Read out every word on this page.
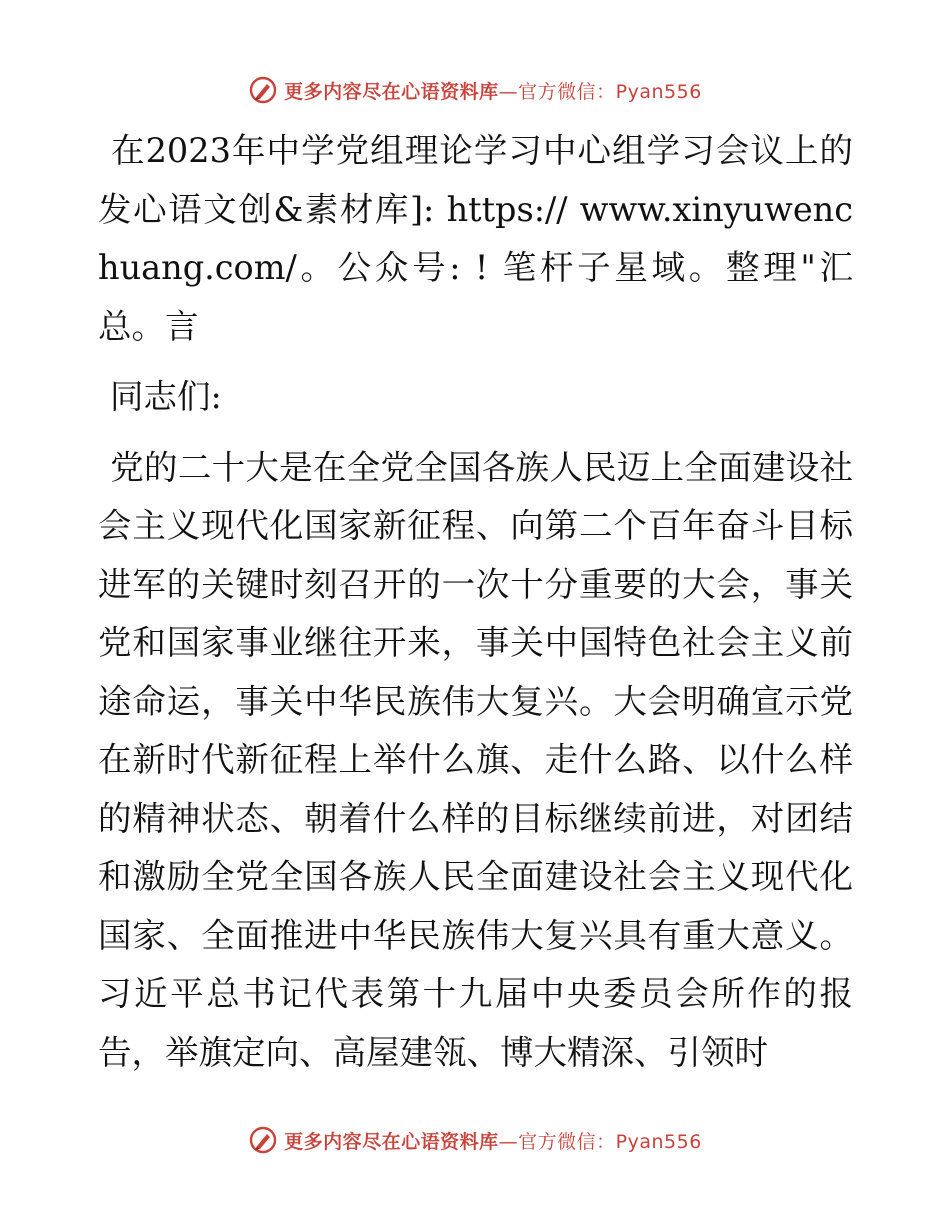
更多内容尽在心语资料库—官方微信：Pyan556

在2023年中学党组理论学习中心组学习会议上的发心语文创&素材库]: https:// www.xinyuwenchuang.com/。公众号: ! 笔杆子星域。整理"汇总。言

同志们:

党的二十大是在全党全国各族人民迈上全面建设社会主义现代化国家新征程、向第二个百年奋斗目标进军的关键时刻召开的一次十分重要的大会，事关党和国家事业继往开来，事关中国特色社会主义前途命运，事关中华民族伟大复兴。大会明确宣示党在新时代新征程上举什么旗、走什么路、以什么样的精神状态、朝着什么样的目标继续前进，对团结和激励全党全国各族人民全面建设社会主义现代化国家、全面推进中华民族伟大复兴具有重大意义。习近平总书记代表第十九届中央委员会所作的报告，举旗定向、高屋建瓴、博大精深、引领时

更多内容尽在心语资料库—官方微信：Pyan556
